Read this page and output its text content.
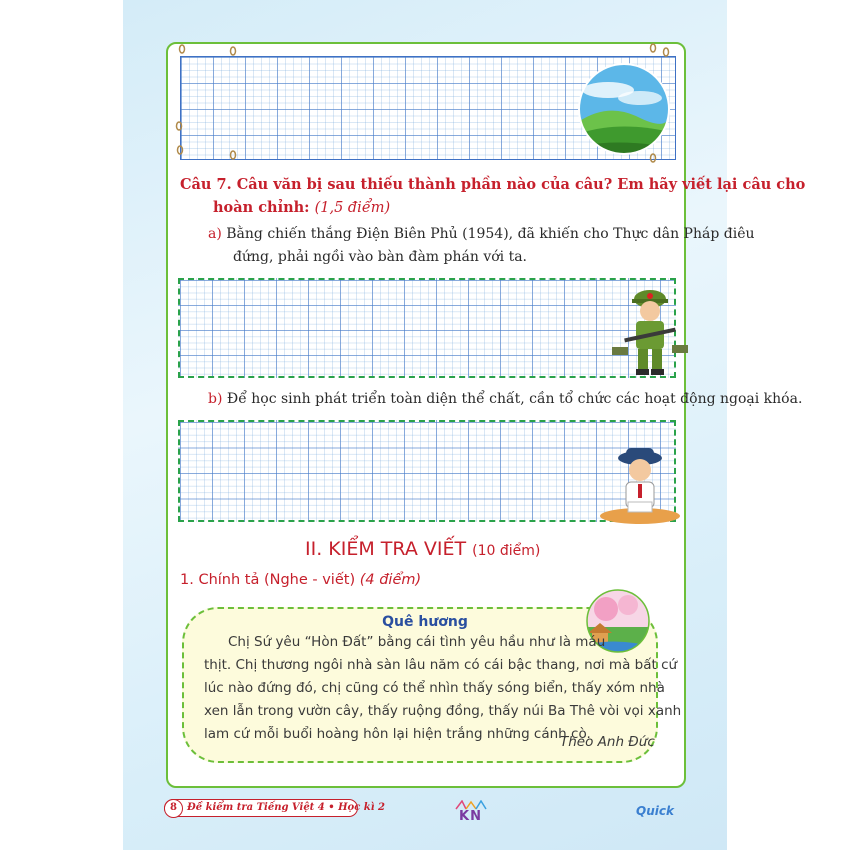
Câu 7. Câu văn bị sau thiếu thành phần nào của câu? Em hãy viết lại câu cho
hoàn chỉnh: (1,5 điểm)
a) Bằng chiến thắng Điện Biên Phủ (1954), đã khiến cho Thực dân Pháp điêu
đứng, phải ngồi vào bàn đàm phán với ta.
b) Để học sinh phát triển toàn diện thể chất, cần tổ chức các hoạt động ngoại khóa.
II. KIỂM TRA VIẾT (10 điểm)
1. Chính tả (Nghe - viết) (4 điểm)
Quê hương
Chị Sứ yêu “Hòn Đất” bằng cái tình yêu hầu như là máu
thịt. Chị thương ngôi nhà sàn lâu năm có cái bậc thang, nơi mà bất cứ
lúc nào đứng đó, chị cũng có thể nhìn thấy sóng biển, thấy xóm nhà
xen lẫn trong vườn cây, thấy ruộng đồng, thấy núi Ba Thê vòi vọi xanh
lam cứ mỗi buổi hoàng hôn lại hiện trắng những cánh cò.
Theo Anh Đức
8	Đề kiểm tra Tiếng Việt 4 • Học kì 2
KN	Quick
